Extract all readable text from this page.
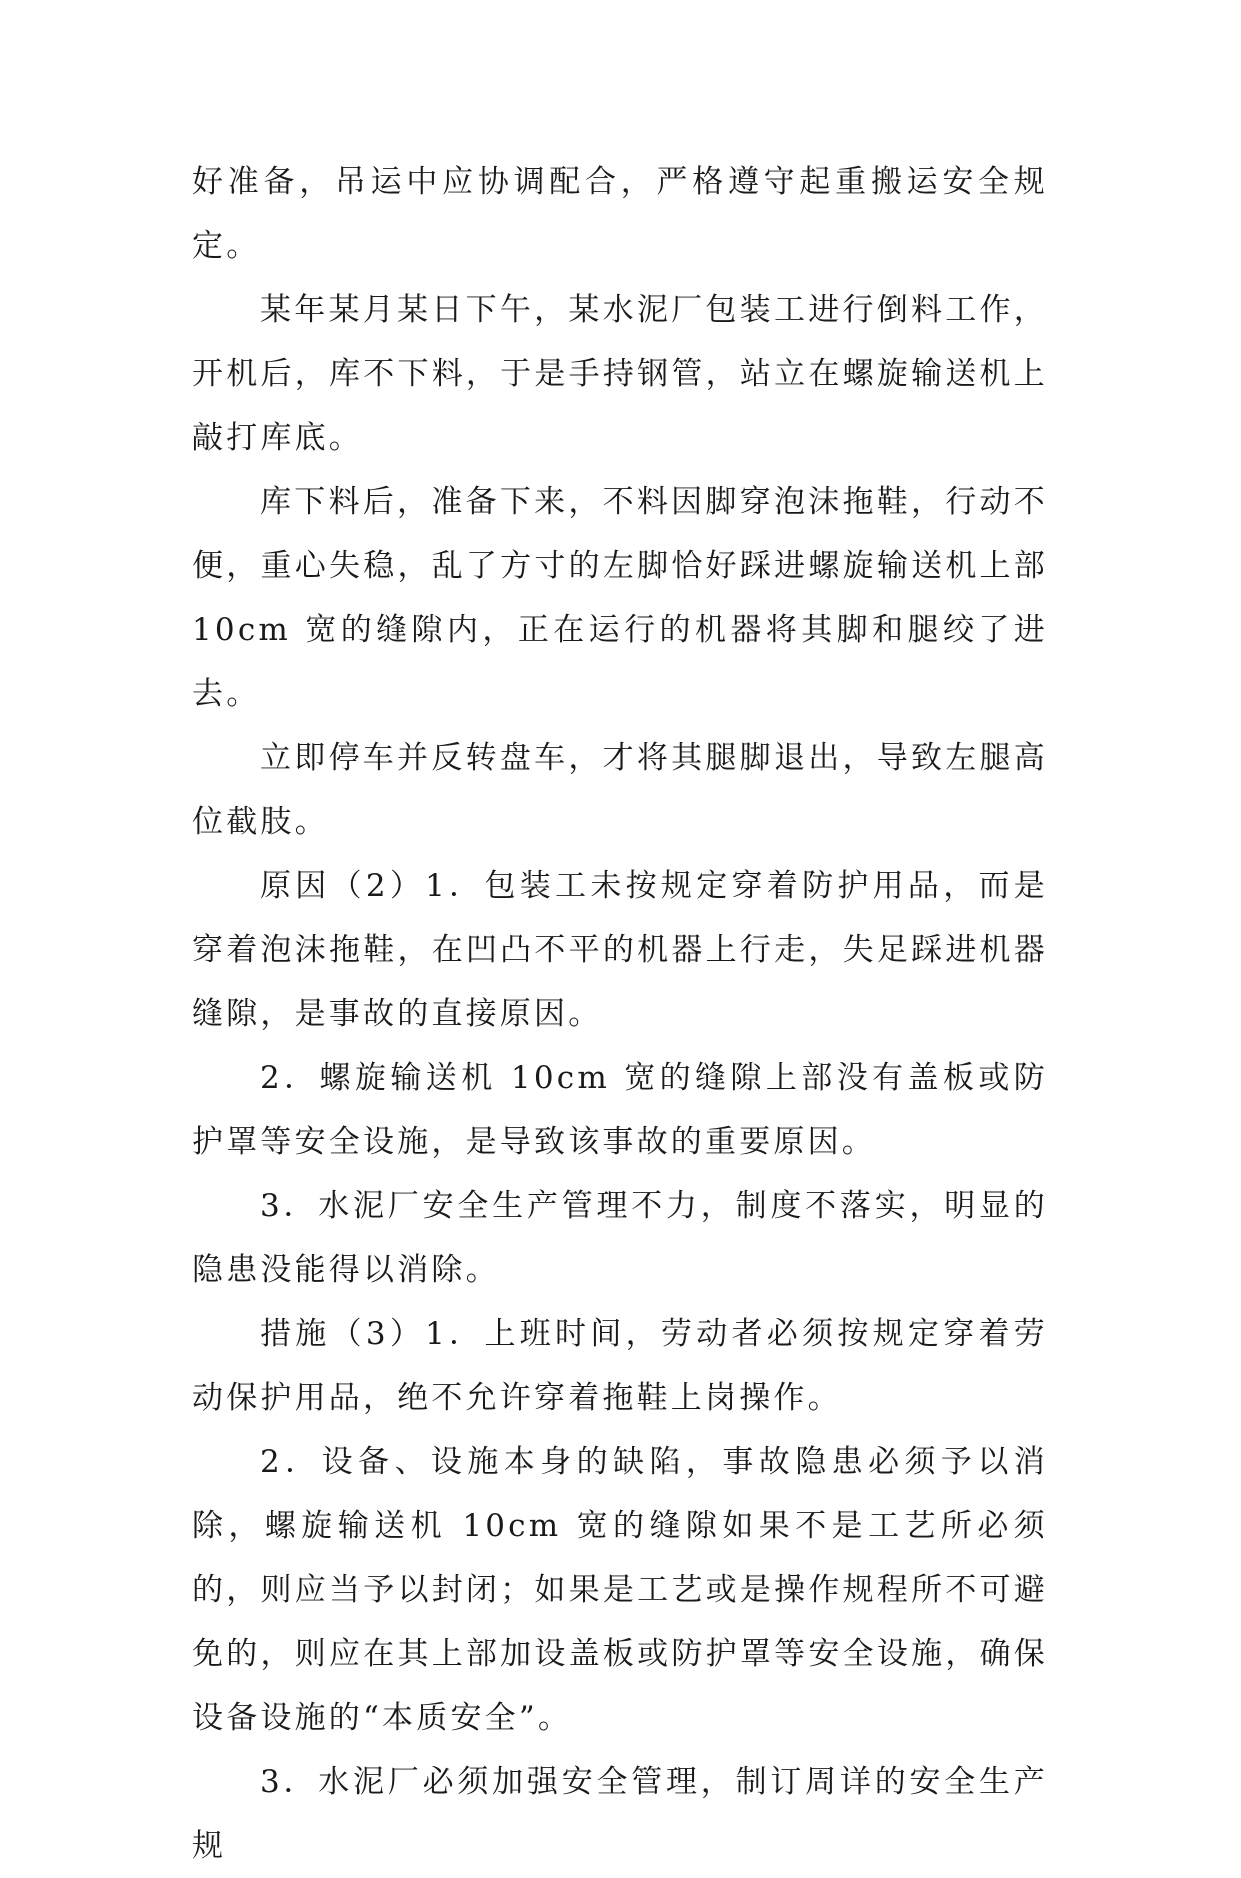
好准备，吊运中应协调配合，严格遵守起重搬运安全规定。

某年某月某日下午，某水泥厂包装工进行倒料工作，开机后，库不下料，于是手持钢管，站立在螺旋输送机上敲打库底。

库下料后，准备下来，不料因脚穿泡沫拖鞋，行动不便，重心失稳，乱了方寸的左脚恰好踩进螺旋输送机上部 10cm 宽的缝隙内，正在运行的机器将其脚和腿绞了进去。

立即停车并反转盘车，才将其腿脚退出，导致左腿高位截肢。

原因（2）1．包装工未按规定穿着防护用品，而是穿着泡沫拖鞋，在凹凸不平的机器上行走，失足踩进机器缝隙，是事故的直接原因。

2．螺旋输送机 10cm 宽的缝隙上部没有盖板或防护罩等安全设施，是导致该事故的重要原因。

3．水泥厂安全生产管理不力，制度不落实，明显的隐患没能得以消除。

措施（3）1．上班时间，劳动者必须按规定穿着劳动保护用品，绝不允许穿着拖鞋上岗操作。

2．设备、设施本身的缺陷，事故隐患必须予以消除，螺旋输送机 10cm 宽的缝隙如果不是工艺所必须的，则应当予以封闭；如果是工艺或是操作规程所不可避免的，则应在其上部加设盖板或防护罩等安全设施，确保设备设施的“本质安全”。

3．水泥厂必须加强安全管理，制订周详的安全生产规
